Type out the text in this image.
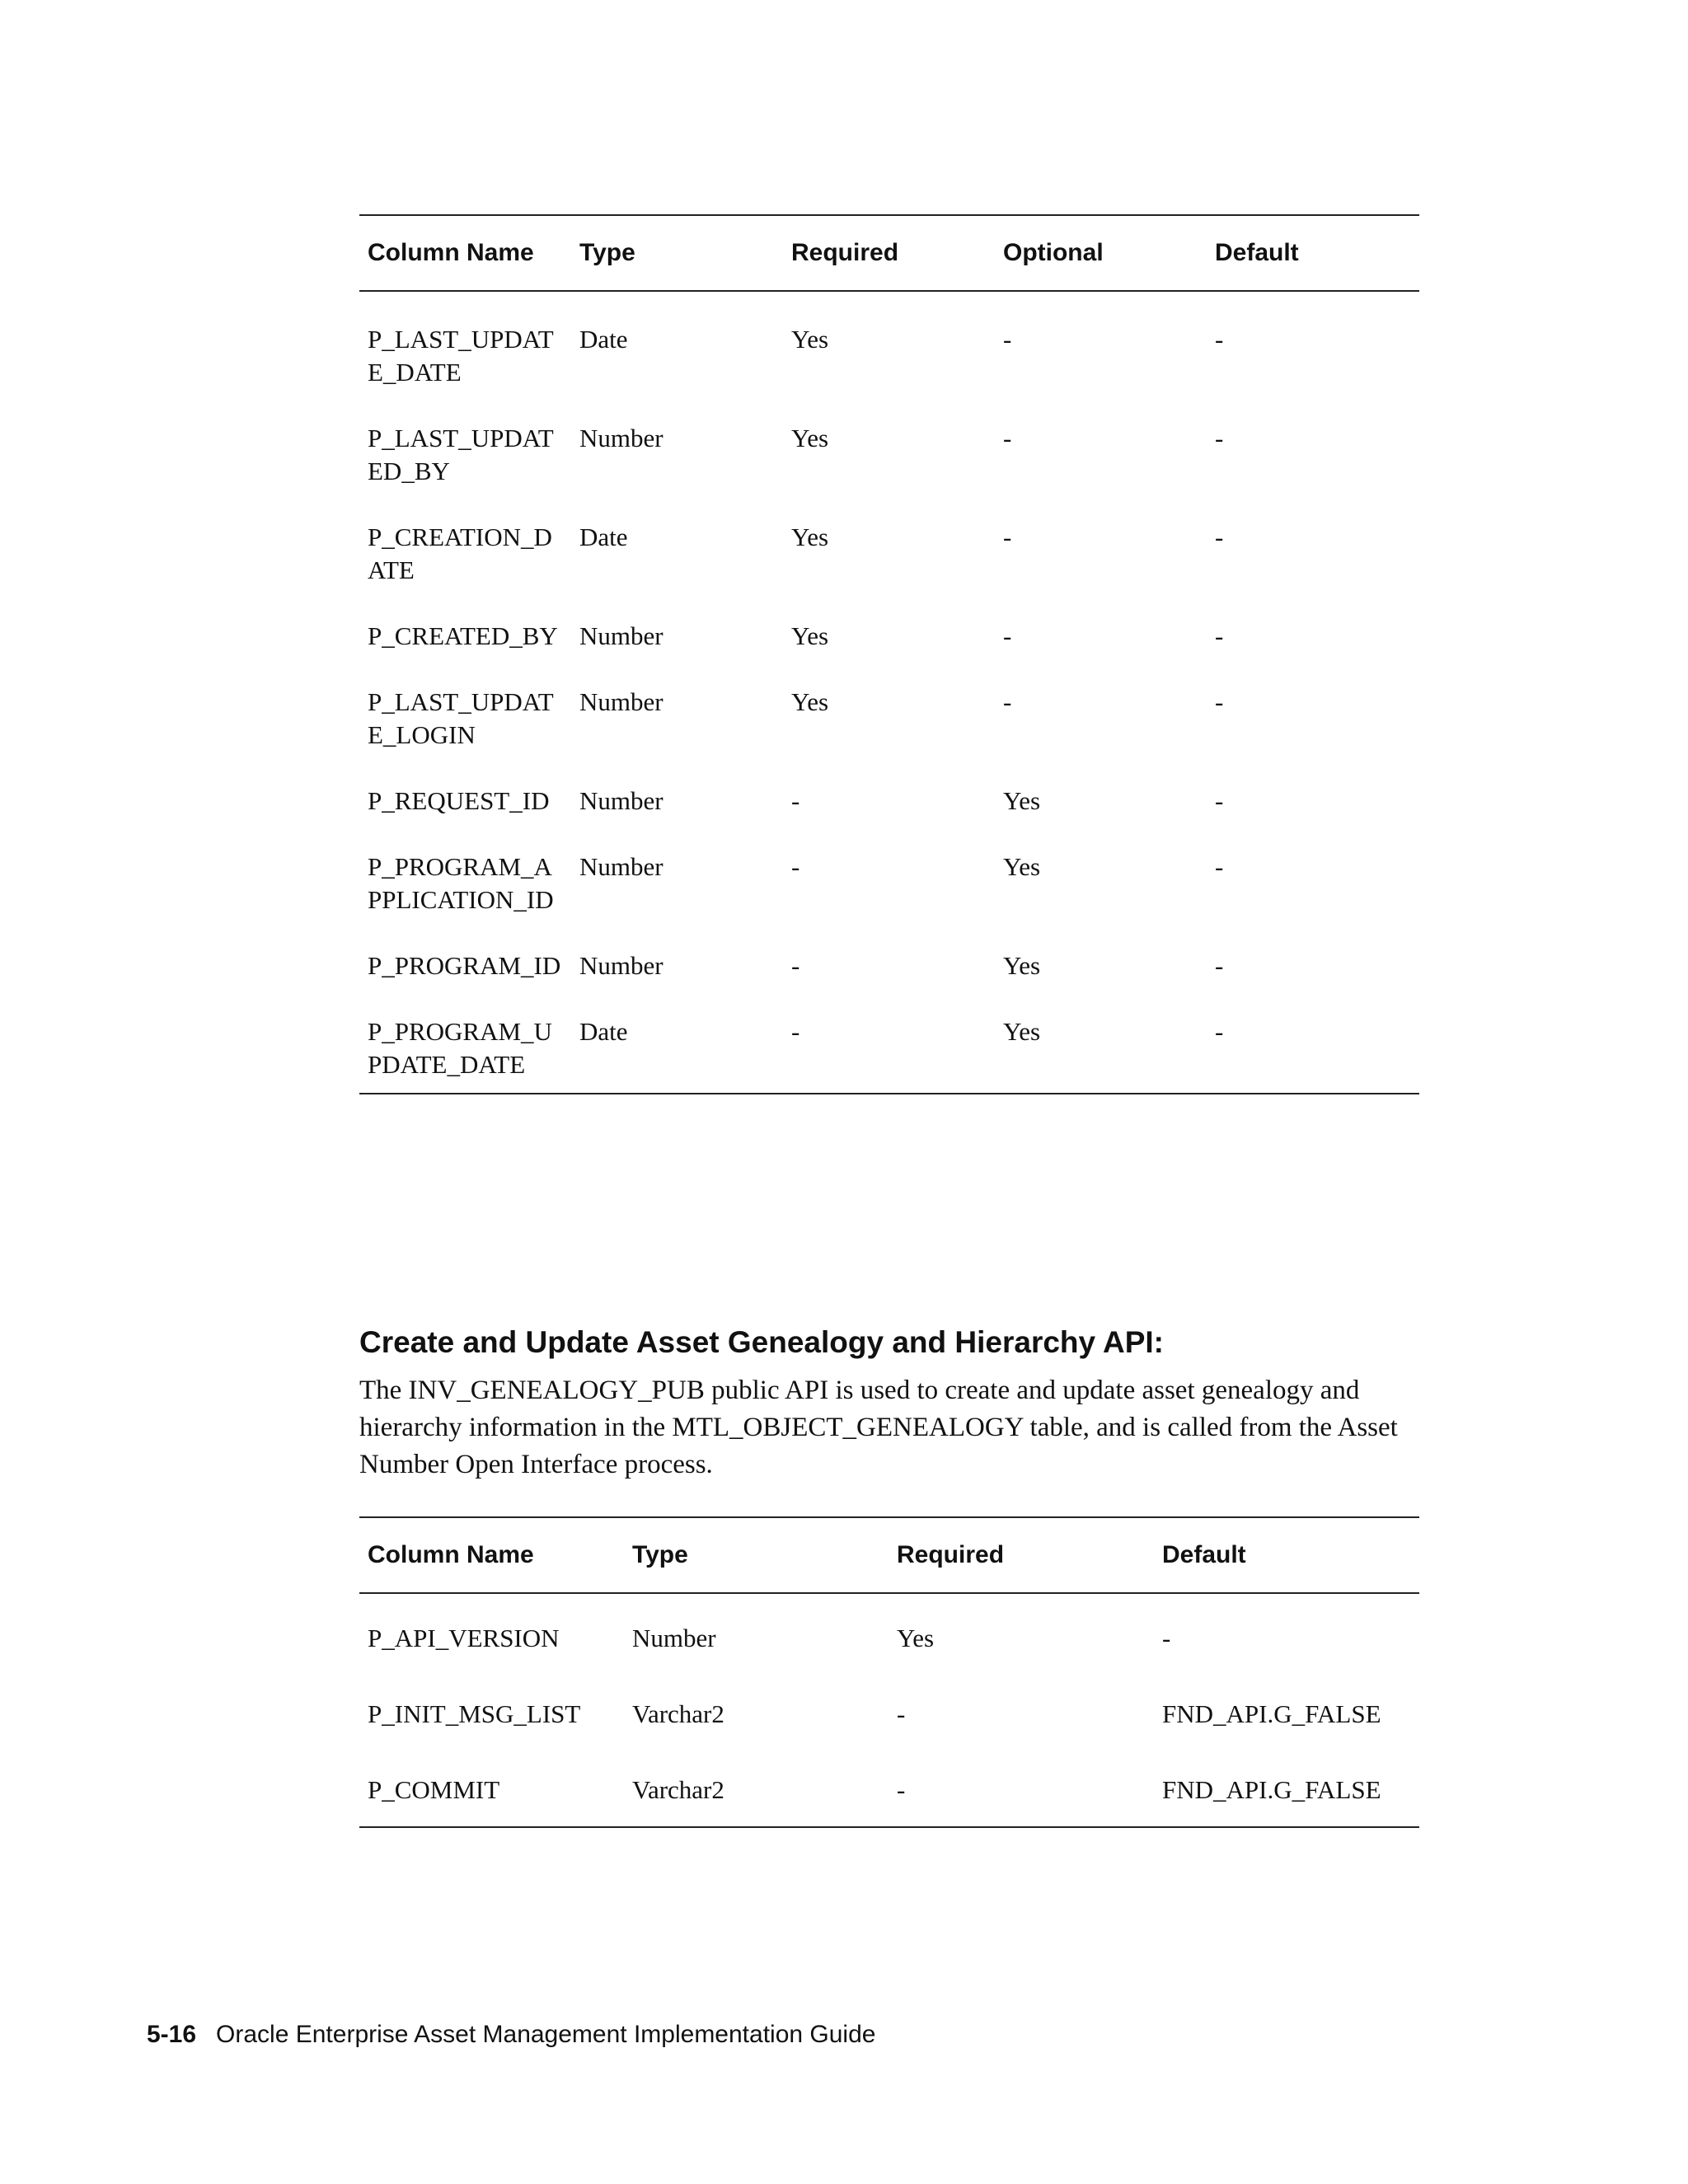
Column Name	Type	Required	Optional	Default
P_LAST_UPDATE_DATE	Date	Yes	-	-
P_LAST_UPDATED_BY	Number	Yes	-	-
P_CREATION_DATE	Date	Yes	-	-
P_CREATED_BY	Number	Yes	-	-
P_LAST_UPDATE_LOGIN	Number	Yes	-	-
P_REQUEST_ID	Number	-	Yes	-
P_PROGRAM_APPLICATION_ID	Number	-	Yes	-
P_PROGRAM_ID	Number	-	Yes	-
P_PROGRAM_UPDATE_DATE	Date	-	Yes	-
Create and Update Asset Genealogy and Hierarchy API:

The INV_GENEALOGY_PUB public API is used to create and update asset genealogy and hierarchy information in the MTL_OBJECT_GENEALOGY table, and is called from the Asset Number Open Interface process.

Column Name	Type	Required	Default
P_API_VERSION	Number	Yes	-
P_INIT_MSG_LIST	Varchar2	-	FND_API.G_FALSE
P_COMMIT	Varchar2	-	FND_API.G_FALSE
5-16 Oracle Enterprise Asset Management Implementation Guide
